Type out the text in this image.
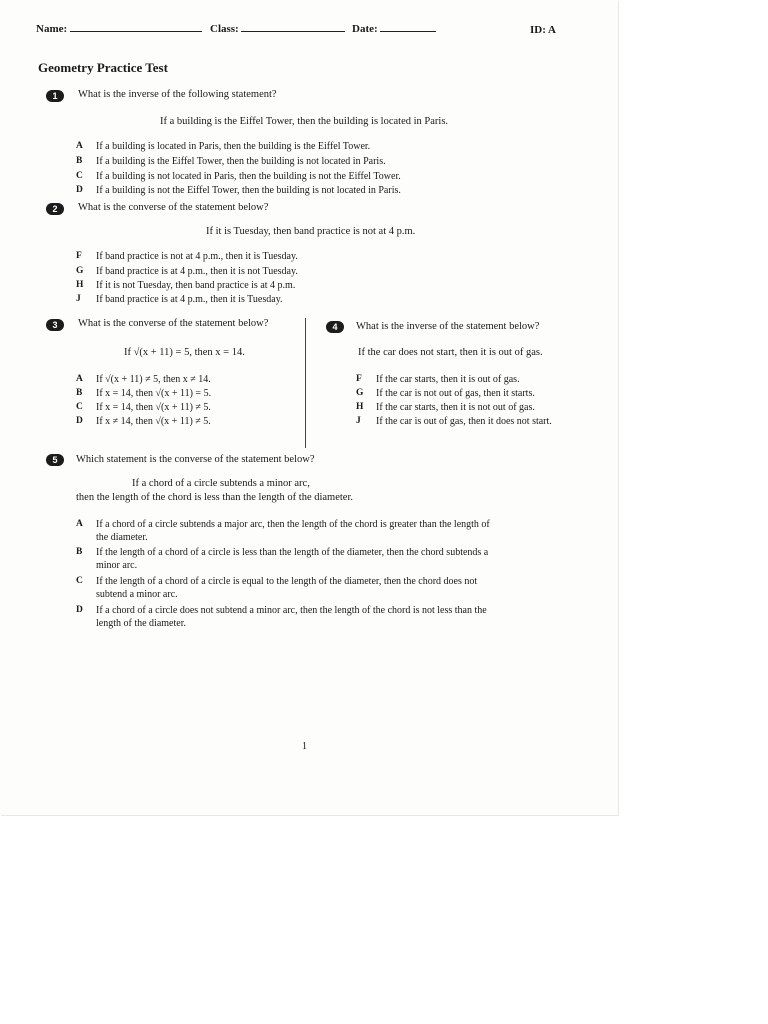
Name:	Class:	Date:	ID: A
Geometry Practice Test
1	What is the inverse of the following statement?
If a building is the Eiffel Tower, then the building is located in Paris.
A If a building is located in Paris, then the building is the Eiffel Tower.
B If a building is the Eiffel Tower, then the building is not located in Paris.
C If a building is not located in Paris, then the building is not the Eiffel Tower.
D If a building is not the Eiffel Tower, then the building is not located in Paris.
2	What is the converse of the statement below?
If it is Tuesday, then band practice is not at 4 p.m.
F If band practice is not at 4 p.m., then it is Tuesday.
G If band practice is at 4 p.m., then it is not Tuesday.
H If it is not Tuesday, then band practice is at 4 p.m.
J If band practice is at 4 p.m., then it is Tuesday.
3	What is the converse of the statement below?
If √(x + 11) = 5, then x = 14.
A If √(x + 11) ≠ 5, then x ≠ 14.
B If x = 14, then √(x + 11) = 5.
C If x = 14, then √(x + 11) ≠ 5.
D If x ≠ 14, then √(x + 11) ≠ 5.
4	What is the inverse of the statement below?
If the car does not start, then it is out of gas.
F If the car starts, then it is out of gas.
G If the car is not out of gas, then it starts.
H If the car starts, then it is not out of gas.
J If the car is out of gas, then it does not start.
5	Which statement is the converse of the statement below?
If a chord of a circle subtends a minor arc,
then the length of the chord is less than the length of the diameter.
A If a chord of a circle subtends a major arc, then the length of the chord is greater than the length of the diameter.
B If the length of a chord of a circle is less than the length of the diameter, then the chord subtends a minor arc.
C If the length of a chord of a circle is equal to the length of the diameter, then the chord does not subtend a minor arc.
D If a chord of a circle does not subtend a minor arc, then the length of the chord is not less than the length of the diameter.
1
